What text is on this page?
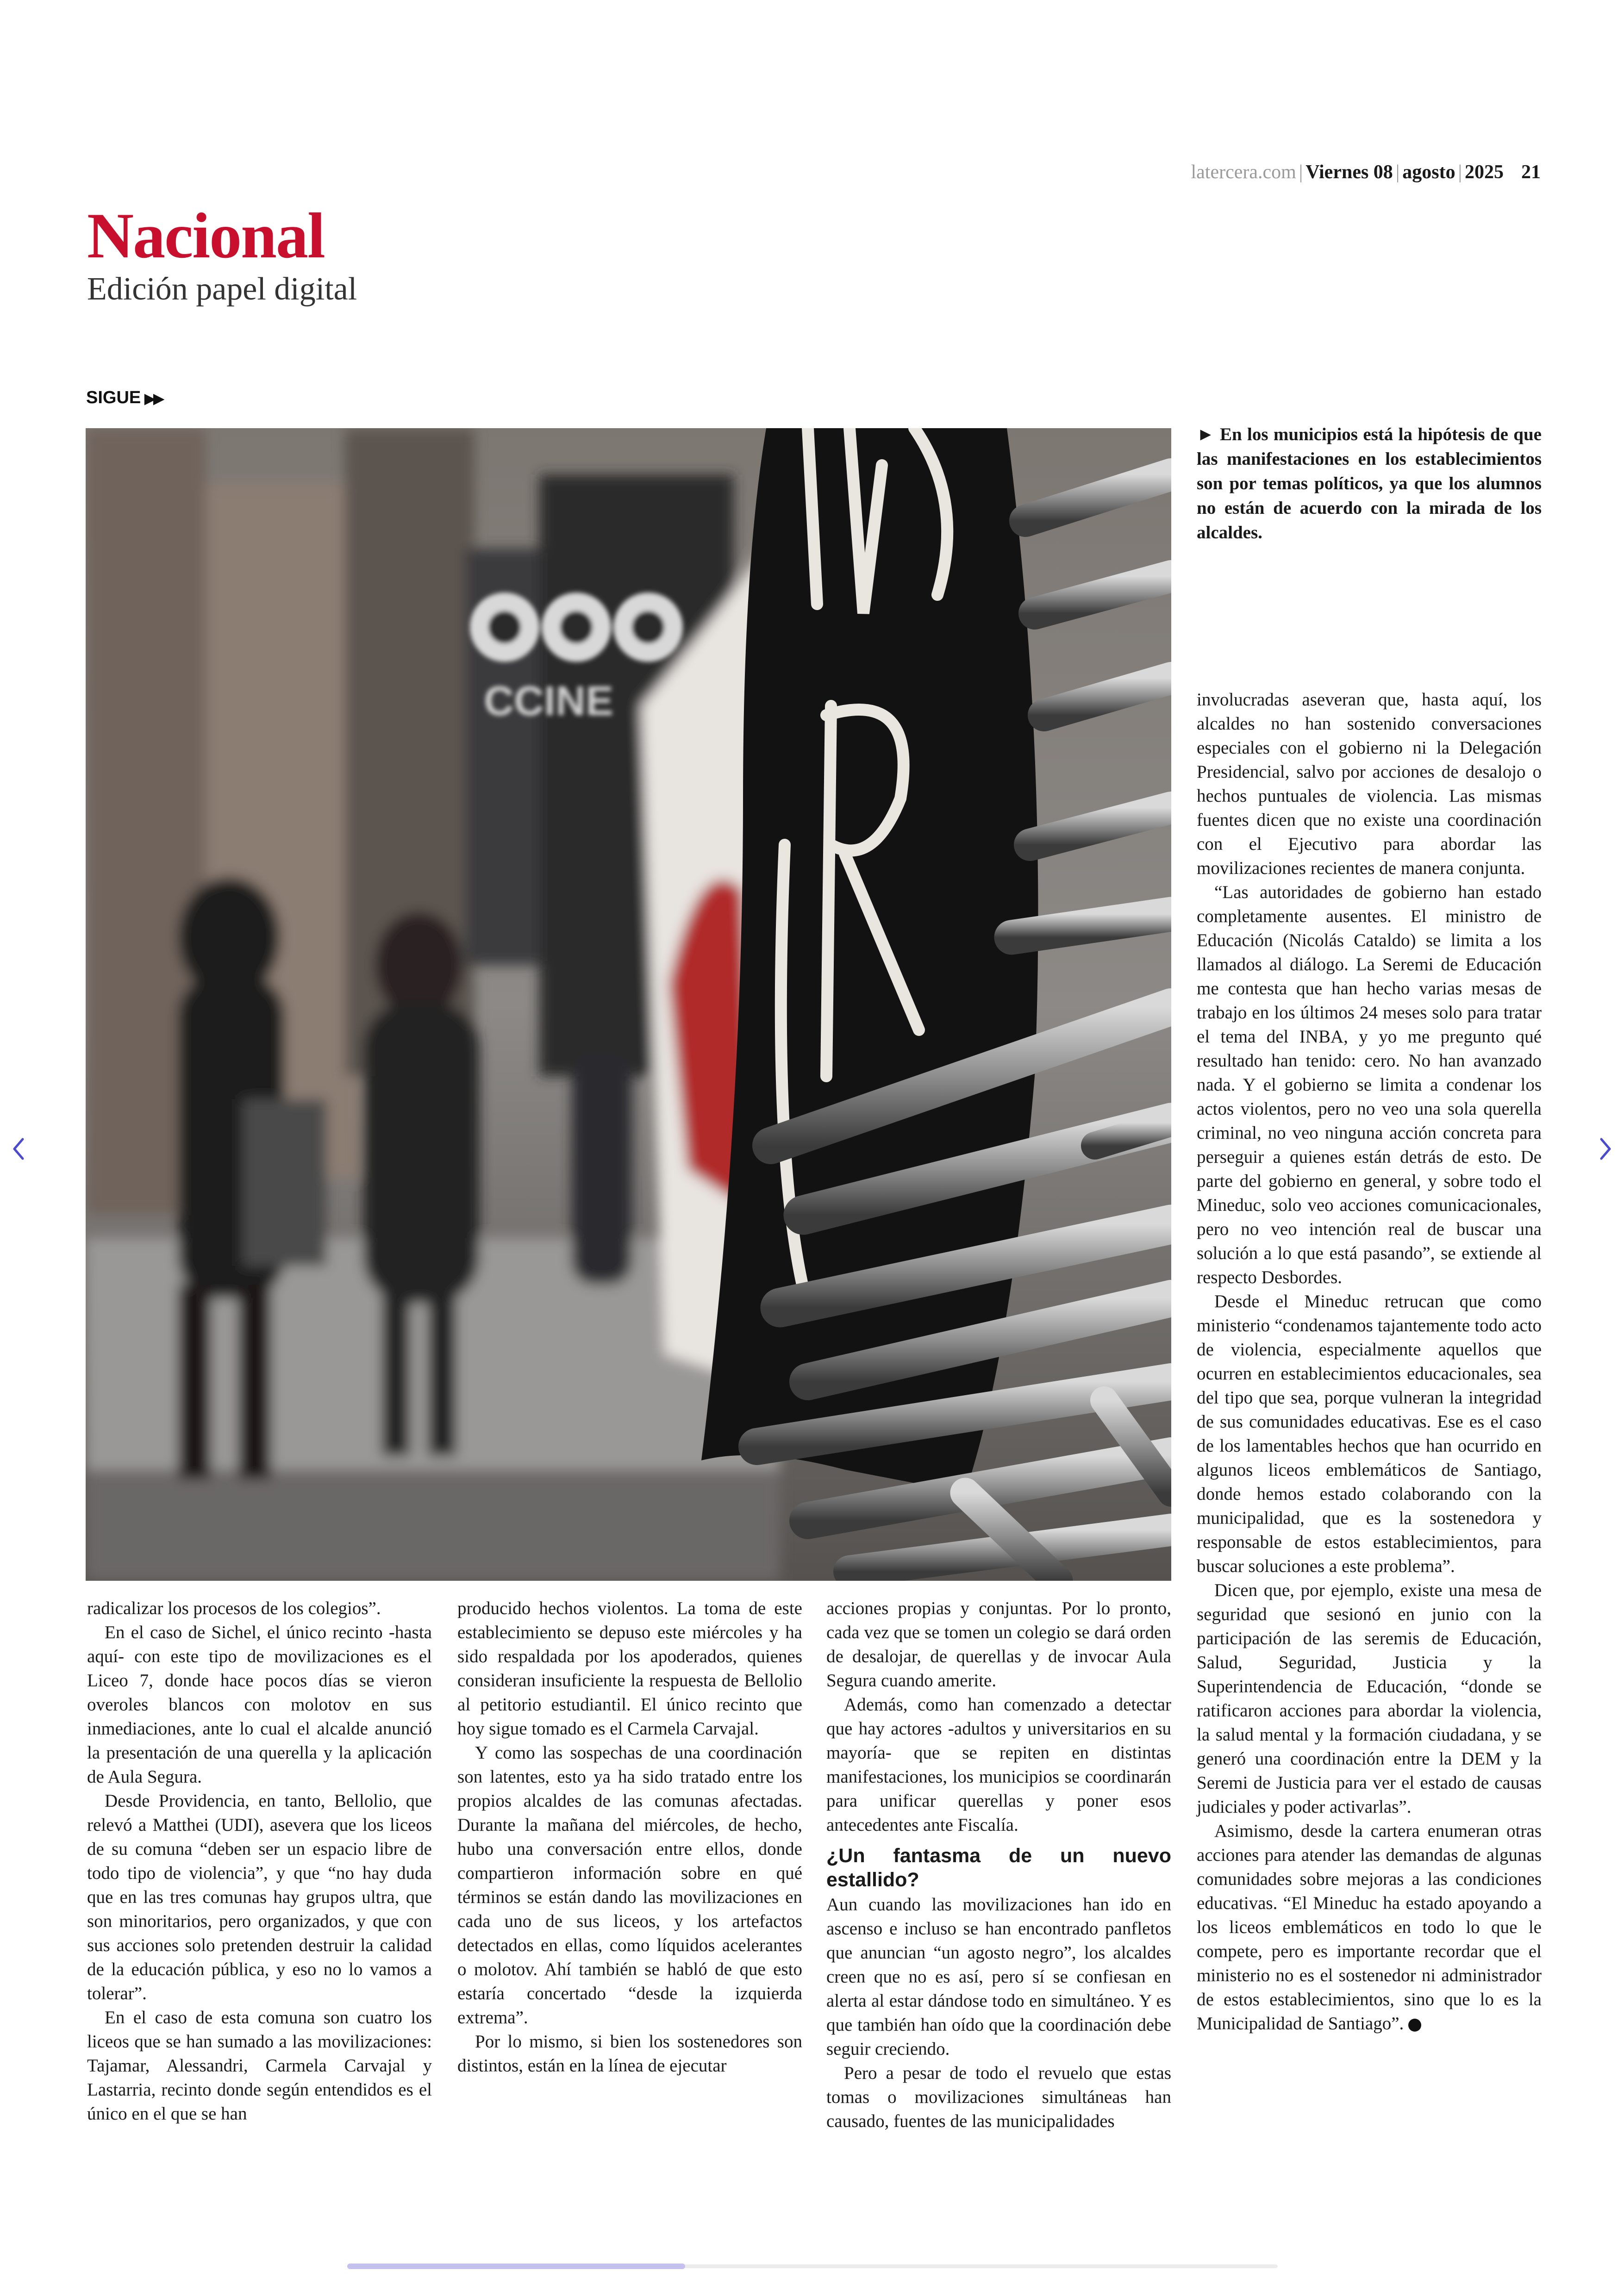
latercera.com | Viernes 08 | agosto | 2025 21
Nacional
Edición papel digital
SIGUE ▶▶
CCINE
► En los municipios está la hipótesis de que las manifestaciones en los establecimientos son por temas políticos, ya que los alumnos no están de acuerdo con la mirada de los alcaldes.

radicalizar los procesos de los colegios”.

En el caso de Sichel, el único recinto -hasta aquí- con este tipo de movilizaciones es el Liceo 7, donde hace pocos días se vieron overoles blancos con molotov en sus inmediaciones, ante lo cual el alcalde anunció la presentación de una querella y la aplicación de Aula Segura.

Desde Providencia, en tanto, Bellolio, que relevó a Matthei (UDI), asevera que los liceos de su comuna “deben ser un espacio libre de todo tipo de violencia”, y que “no hay duda que en las tres comunas hay grupos ultra, que son minoritarios, pero organizados, y que con sus acciones solo pretenden destruir la calidad de la educación pública, y eso no lo vamos a tolerar”.

En el caso de esta comuna son cuatro los liceos que se han sumado a las movilizaciones: Tajamar, Alessandri, Carmela Carvajal y Lastarria, recinto donde según entendidos es el único en el que se han

producido hechos violentos. La toma de este establecimiento se depuso este miércoles y ha sido respaldada por los apoderados, quienes consideran insuficiente la respuesta de Bellolio al petitorio estudiantil. El único recinto que hoy sigue tomado es el Carmela Carvajal.

Y como las sospechas de una coordinación son latentes, esto ya ha sido tratado entre los propios alcaldes de las comunas afectadas. Durante la mañana del miércoles, de hecho, hubo una conversación entre ellos, donde compartieron información sobre en qué términos se están dando las movilizaciones en cada uno de sus liceos, y los artefactos detectados en ellas, como líquidos acelerantes o molotov. Ahí también se habló de que esto estaría concertado “desde la izquierda extrema”.

Por lo mismo, si bien los sostenedores son distintos, están en la línea de ejecutar

acciones propias y conjuntas. Por lo pronto, cada vez que se tomen un colegio se dará orden de desalojar, de querellas y de invocar Aula Segura cuando amerite.

Además, como han comenzado a detectar que hay actores -adultos y universitarios en su mayoría- que se repiten en distintas manifestaciones, los municipios se coordinarán para unificar querellas y poner esos antecedentes ante Fiscalía.

¿Un fantasma de un nuevo estallido?

Aun cuando las movilizaciones han ido en ascenso e incluso se han encontrado panfletos que anuncian “un agosto negro”, los alcaldes creen que no es así, pero sí se confiesan en alerta al estar dándose todo en simultáneo. Y es que también han oído que la coordinación debe seguir creciendo.

Pero a pesar de todo el revuelo que estas tomas o movilizaciones simultáneas han causado, fuentes de las municipalidades

involucradas aseveran que, hasta aquí, los alcaldes no han sostenido conversaciones especiales con el gobierno ni la Delegación Presidencial, salvo por acciones de desalojo o hechos puntuales de violencia. Las mismas fuentes dicen que no existe una coordinación con el Ejecutivo para abordar las movilizaciones recientes de manera conjunta.

“Las autoridades de gobierno han estado completamente ausentes. El ministro de Educación (Nicolás Cataldo) se limita a los llamados al diálogo. La Seremi de Educación me contesta que han hecho varias mesas de trabajo en los últimos 24 meses solo para tratar el tema del INBA, y yo me pregunto qué resultado han tenido: cero. No han avanzado nada. Y el gobierno se limita a condenar los actos violentos, pero no veo una sola querella criminal, no veo ninguna acción concreta para perseguir a quienes están detrás de esto. De parte del gobierno en general, y sobre todo el Mineduc, solo veo acciones comunicacionales, pero no veo intención real de buscar una solución a lo que está pasando”, se extiende al respecto Desbordes.

Desde el Mineduc retrucan que como ministerio “condenamos tajantemente todo acto de violencia, especialmente aquellos que ocurren en establecimientos educacionales, sea del tipo que sea, porque vulneran la integridad de sus comunidades educativas. Ese es el caso de los lamentables hechos que han ocurrido en algunos liceos emblemáticos de Santiago, donde hemos estado colaborando con la municipalidad, que es la sostenedora y responsable de estos establecimientos, para buscar soluciones a este problema”.

Dicen que, por ejemplo, existe una mesa de seguridad que sesionó en junio con la participación de las seremis de Educación, Salud, Seguridad, Justicia y la Superintendencia de Educación, “donde se ratificaron acciones para abordar la violencia, la salud mental y la formación ciudadana, y se generó una coordinación entre la DEM y la Seremi de Justicia para ver el estado de causas judiciales y poder activarlas”.

Asimismo, desde la cartera enumeran otras acciones para atender las demandas de algunas comunidades sobre mejoras a las condiciones educativas. “El Mineduc ha estado apoyando a los liceos emblemáticos en todo lo que le compete, pero es importante recordar que el ministerio no es el sostenedor ni administrador de estos establecimientos, sino que lo es la Municipalidad de Santiago”.
